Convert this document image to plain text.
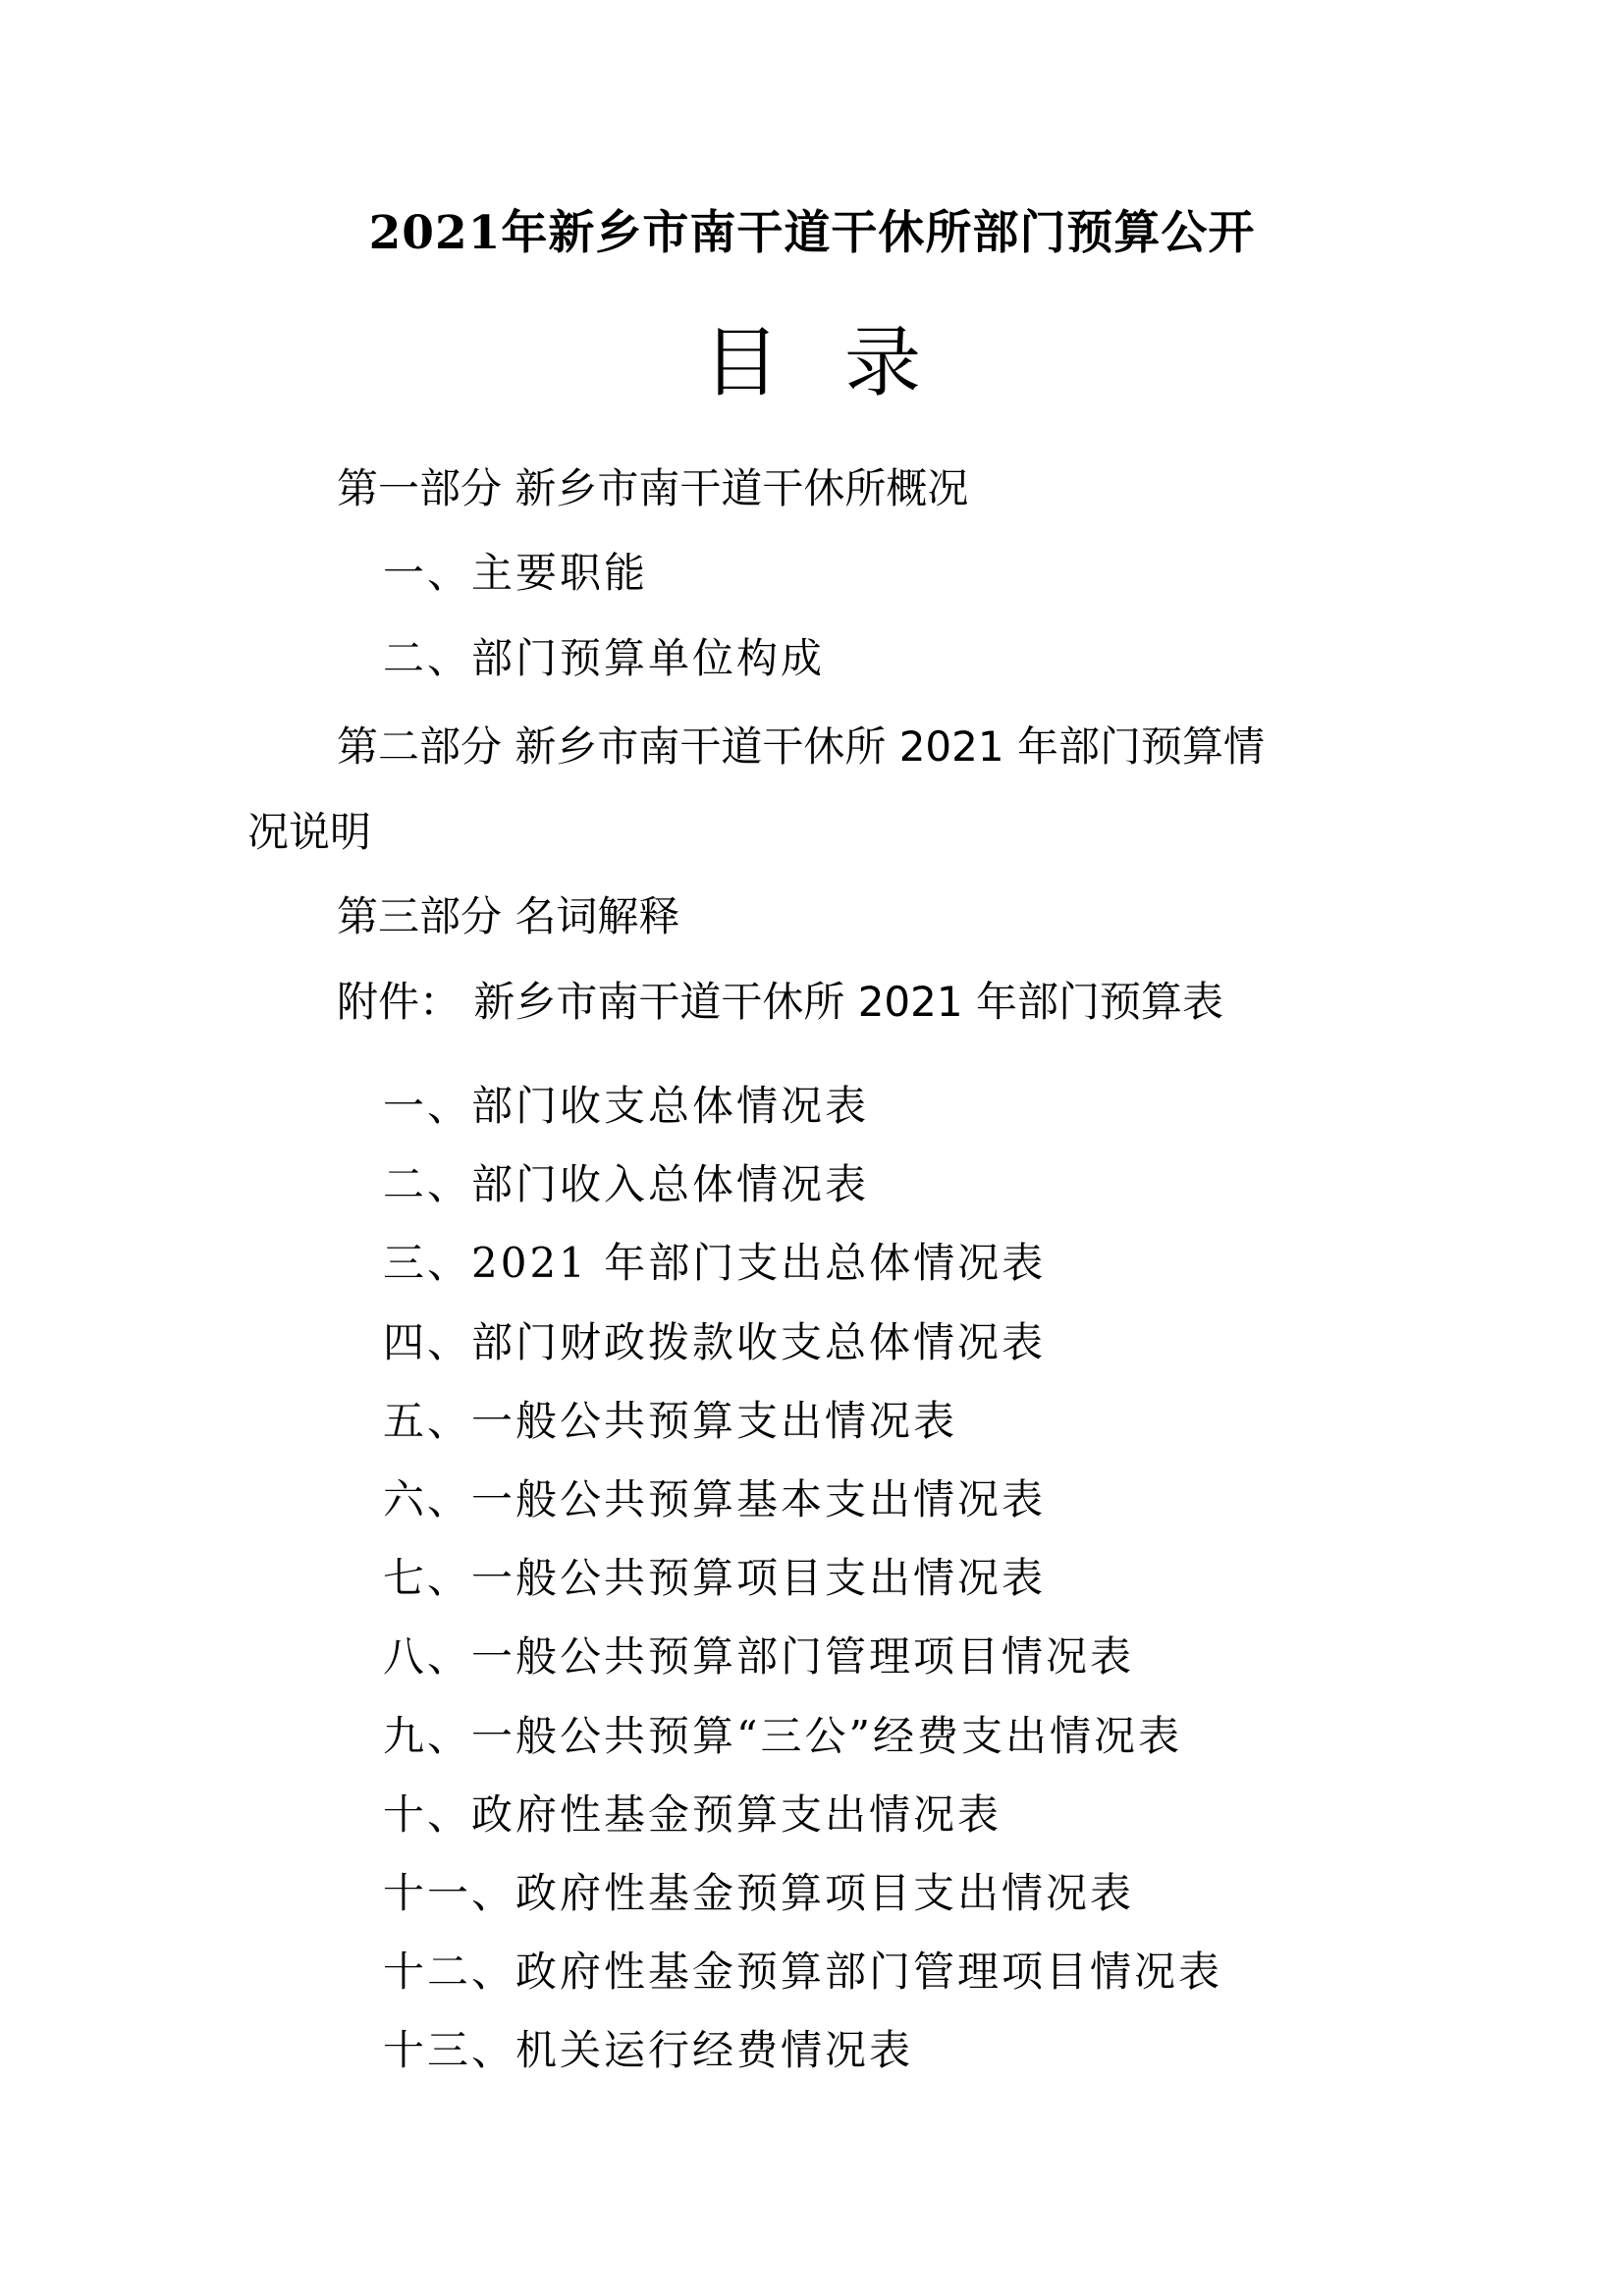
2021年新乡市南干道干休所部门预算公开
目录
第一部分 新乡市南干道干休所概况
一、主要职能
二、部门预算单位构成
第二部分 新乡市南干道干休所 2021 年部门预算情
况说明
第三部分 名词解释
附件： 新乡市南干道干休所 2021 年部门预算表
一、部门收支总体情况表
二、部门收入总体情况表
三、2021 年部门支出总体情况表
四、部门财政拨款收支总体情况表
五、一般公共预算支出情况表
六、一般公共预算基本支出情况表
七、一般公共预算项目支出情况表
八、一般公共预算部门管理项目情况表
九、一般公共预算“三公”经费支出情况表
十、政府性基金预算支出情况表
十一、政府性基金预算项目支出情况表
十二、政府性基金预算部门管理项目情况表
十三、机关运行经费情况表
